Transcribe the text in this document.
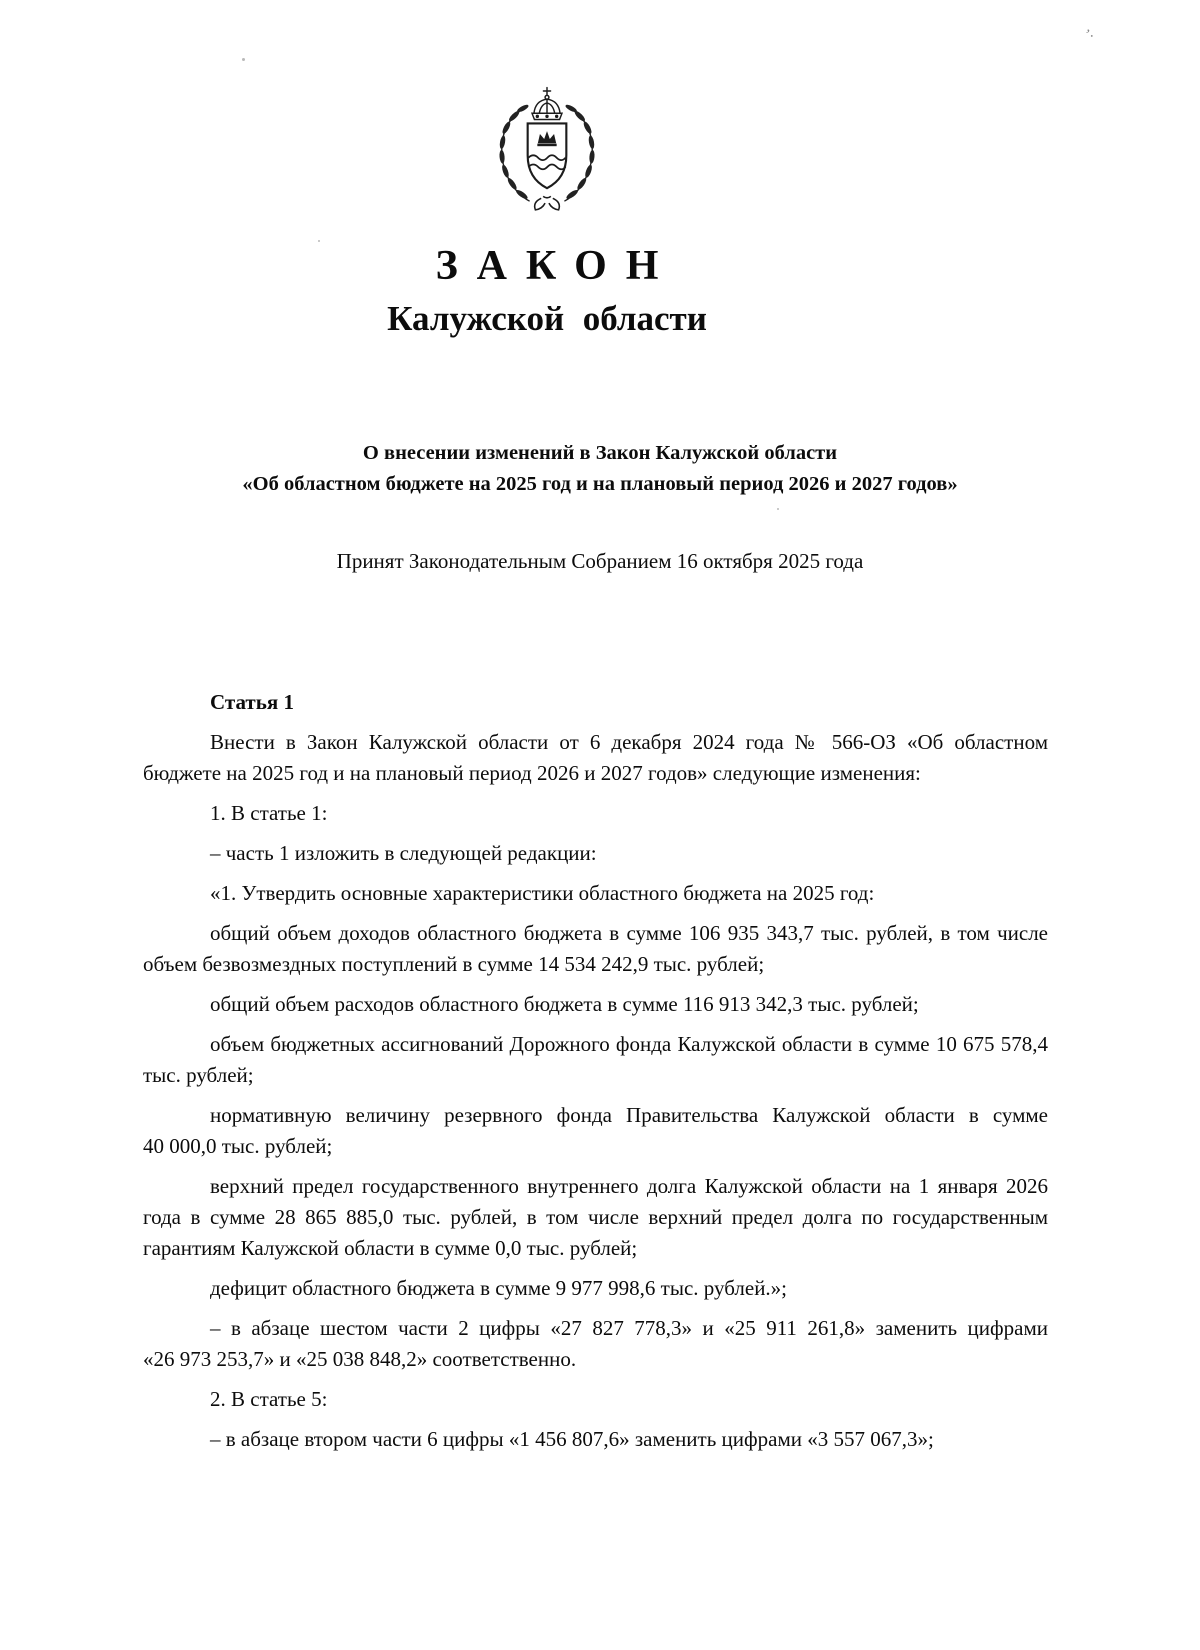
’·
ЗАКОН
Калужской области
О внесении изменений в Закон Калужской области
«Об областном бюджете на 2025 год и на плановый период 2026 и 2027 годов»
Принят Законодательным Собранием 16 октября 2025 года
Статья 1

Внести в Закон Калужской области от 6 декабря 2024 года № 566-ОЗ «Об областном бюджете на 2025 год и на плановый период 2026 и 2027 годов» следующие изменения:

1. В статье 1:

– часть 1 изложить в следующей редакции:

«1. Утвердить основные характеристики областного бюджета на 2025 год:

общий объем доходов областного бюджета в сумме 106 935 343,7 тыс. рублей, в том числе объем безвозмездных поступлений в сумме 14 534 242,9 тыс. рублей;

общий объем расходов областного бюджета в сумме 116 913 342,3 тыс. рублей;

объем бюджетных ассигнований Дорожного фонда Калужской области в сумме 10 675 578,4 тыс. рублей;

нормативную величину резервного фонда Правительства Калужской области в сумме 40 000,0 тыс. рублей;

верхний предел государственного внутреннего долга Калужской области на 1 января 2026 года в сумме 28 865 885,0 тыс. рублей, в том числе верхний предел долга по государственным гарантиям Калужской области в сумме 0,0 тыс. рублей;

дефицит областного бюджета в сумме 9 977 998,6 тыс. рублей.»;

– в абзаце шестом части 2 цифры «27 827 778,3» и «25 911 261,8» заменить цифрами «26 973 253,7» и «25 038 848,2» соответственно.

2. В статье 5:

– в абзаце втором части 6 цифры «1 456 807,6» заменить цифрами «3 557 067,3»;
